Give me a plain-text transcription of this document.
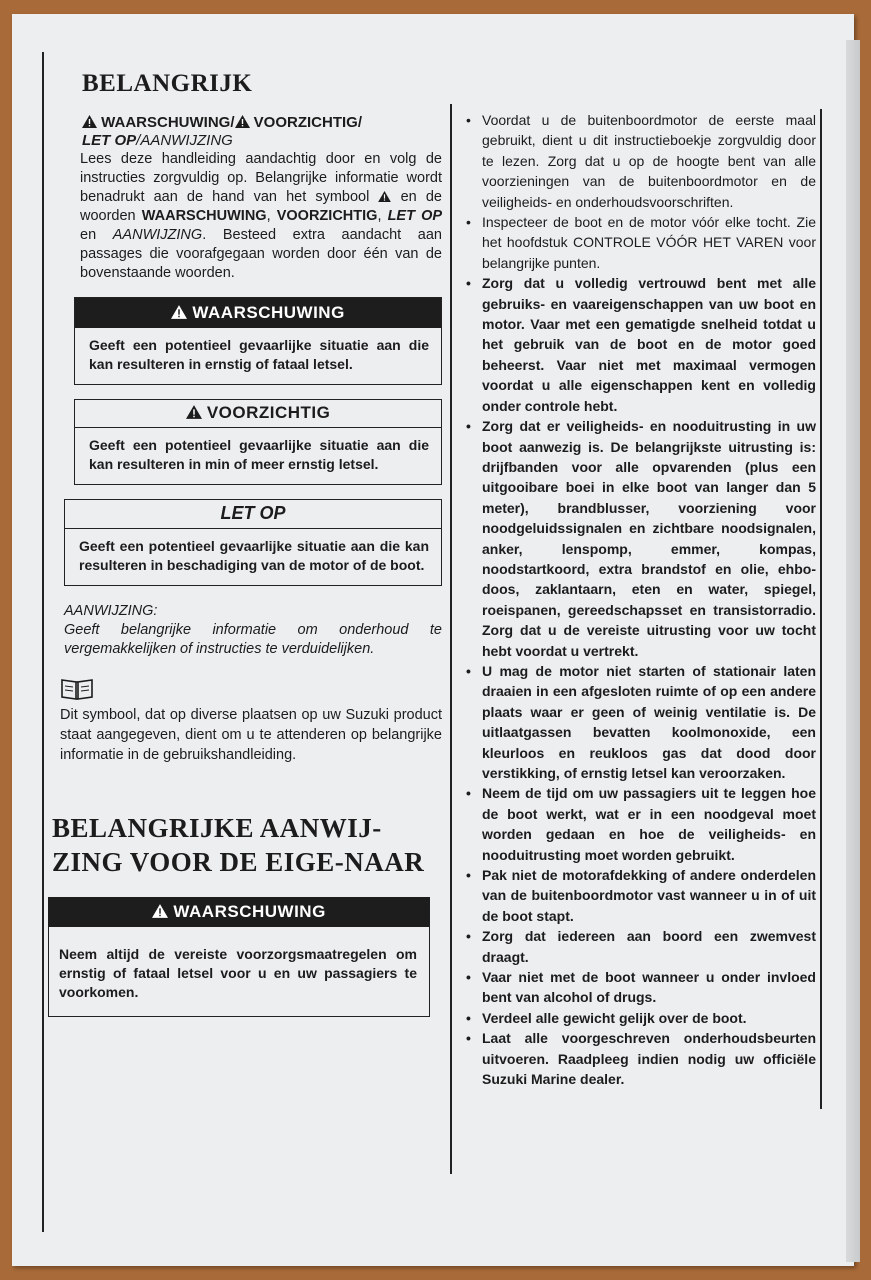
BELANGRIJK
WAARSCHUWING/ VOORZICHTIG/
LET OP/AANWIJZING
Lees deze handleiding aandachtig door en volg de instructies zorgvuldig op. Belangrijke informatie wordt benadrukt aan de hand van het symbool en de woorden WAARSCHUWING, VOORZICHTIG, LET OP en AANWIJZING. Besteed extra aandacht aan passages die voorafgegaan worden door één van de bovenstaande woorden.
WAARSCHUWING
Geeft een potentieel gevaarlijke situatie aan die kan resulteren in ernstig of fataal letsel.
VOORZICHTIG
Geeft een potentieel gevaarlijke situatie aan die kan resulteren in min of meer ernstig letsel.
LET OP
Geeft een potentieel gevaarlijke situatie aan die kan resulteren in beschadiging van de motor of de boot.
AANWIJZING:
Geeft belangrijke informatie om onderhoud te vergemakkelijken of instructies te verduidelijken.
Dit symbool, dat op diverse plaatsen op uw Suzuki product staat aangegeven, dient om u te attenderen op belangrijke informatie in de gebruikshandleiding.
BELANGRIJKE AANWIJ-ZING VOOR DE EIGE-NAAR
WAARSCHUWING
Neem altijd de vereiste voorzorgsmaatregelen om ernstig of fataal letsel voor u en uw passagiers te voorkomen.
• Voordat u de buitenboordmotor de eerste maal gebruikt, dient u dit instructieboekje zorgvuldig door te lezen. Zorg dat u op de hoogte bent van alle voorzieningen van de buitenboordmotor en de veiligheids- en onderhoudsvoorschriften.
• Inspecteer de boot en de motor vóór elke tocht. Zie het hoofdstuk CONTROLE VÓÓR HET VAREN voor belangrijke punten.
• Zorg dat u volledig vertrouwd bent met alle gebruiks- en vaareigenschappen van uw boot en motor. Vaar met een gematigde snelheid totdat u het gebruik van de boot en de motor goed beheerst. Vaar niet met maximaal vermogen voordat u alle eigenschappen kent en volledig onder controle hebt.
• Zorg dat er veiligheids- en nooduitrusting in uw boot aanwezig is. De belangrijkste uitrusting is: drijfbanden voor alle opvarenden (plus een uitgooibare boei in elke boot van langer dan 5 meter), brandblusser, voorziening voor noodgeluidssignalen en zichtbare noodsignalen, anker, lenspomp, emmer, kompas, noodstartkoord, extra brandstof en olie, ehbo-doos, zaklantaarn, eten en water, spiegel, roeispanen, gereedschapsset en transistorradio. Zorg dat u de vereiste uitrusting voor uw tocht hebt voordat u vertrekt.
• U mag de motor niet starten of stationair laten draaien in een afgesloten ruimte of op een andere plaats waar er geen of weinig ventilatie is. De uitlaatgassen bevatten koolmonoxide, een kleurloos en reukloos gas dat dood door verstikking, of ernstig letsel kan veroorzaken.
• Neem de tijd om uw passagiers uit te leggen hoe de boot werkt, wat er in een noodgeval moet worden gedaan en hoe de veiligheids- en nooduitrusting moet worden gebruikt.
• Pak niet de motorafdekking of andere onderdelen van de buitenboordmotor vast wanneer u in of uit de boot stapt.
• Zorg dat iedereen aan boord een zwemvest draagt.
• Vaar niet met de boot wanneer u onder invloed bent van alcohol of drugs.
• Verdeel alle gewicht gelijk over de boot.
• Laat alle voorgeschreven onderhoudsbeurten uitvoeren. Raadpleeg indien nodig uw officiële Suzuki Marine dealer.
